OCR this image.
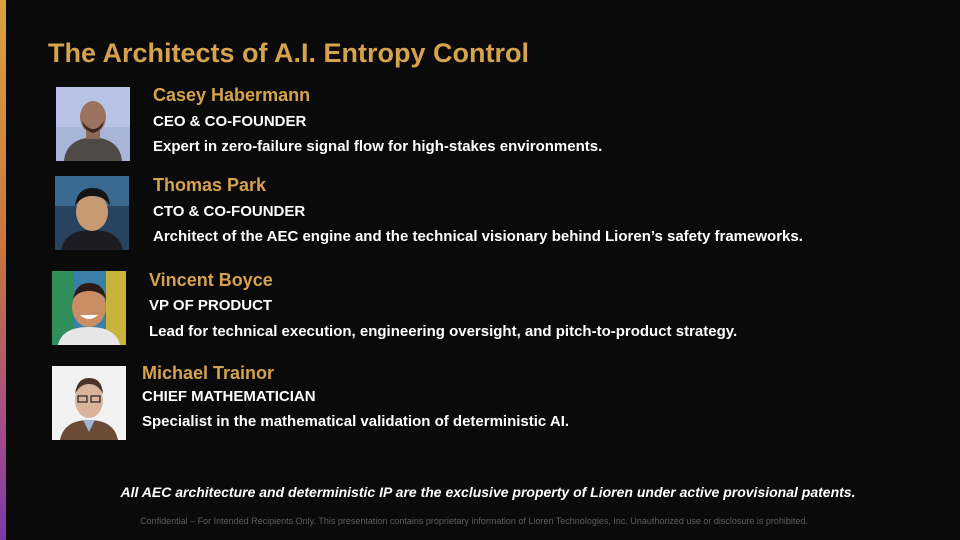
The Architects of A.I. Entropy Control
Casey Habermann
CEO & CO-FOUNDER
Expert in zero-failure signal flow for high-stakes environments.
Thomas Park
CTO & CO-FOUNDER
Architect of the AEC engine and the technical visionary behind Lioren’s safety frameworks.
Vincent Boyce
VP OF PRODUCT
Lead for technical execution, engineering oversight, and pitch-to-product strategy.
Michael Trainor
CHIEF MATHEMATICIAN
Specialist in the mathematical validation of deterministic AI.
All AEC architecture and deterministic IP are the exclusive property of Lioren under active provisional patents.
Confidential – For Intended Recipients Only. This presentation contains proprietary information of Lioren Technologies, Inc. Unauthorized use or disclosure is prohibited.
